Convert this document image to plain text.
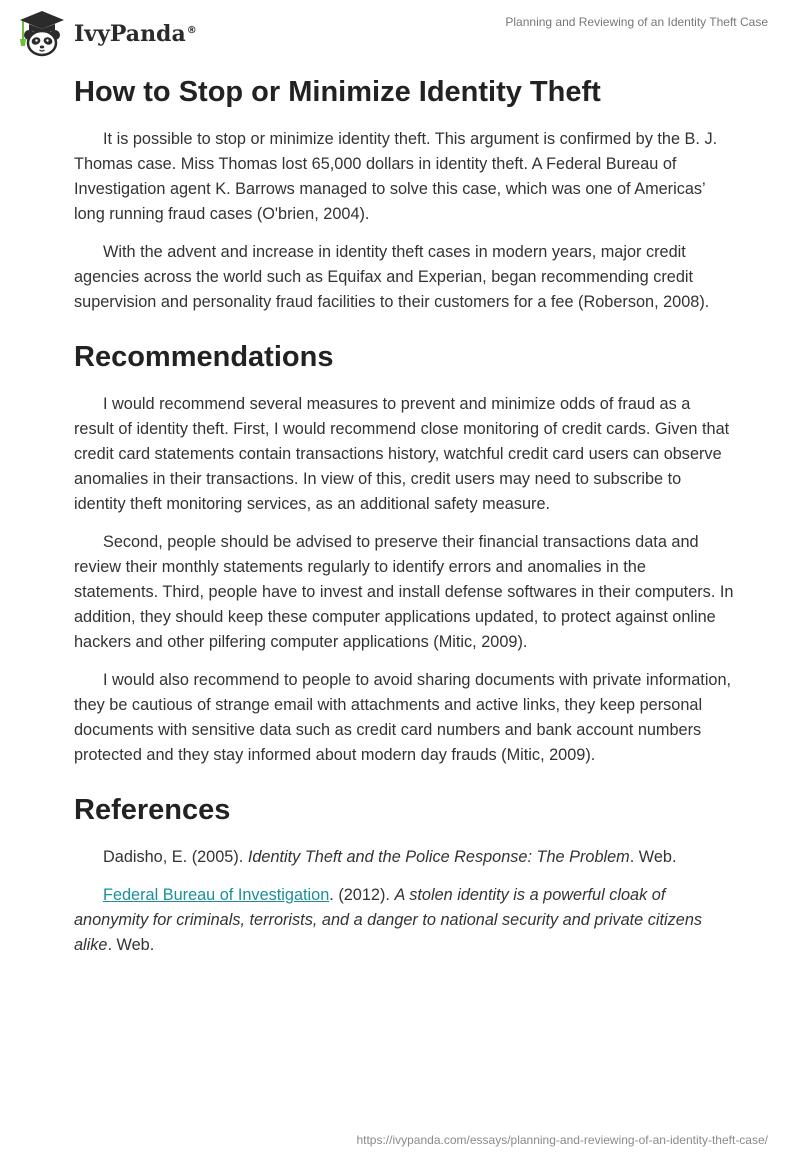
IvyPanda®
Planning and Reviewing of an Identity Theft Case
How to Stop or Minimize Identity Theft

It is possible to stop or minimize identity theft. This argument is confirmed by the B. J. Thomas case. Miss Thomas lost 65,000 dollars in identity theft. A Federal Bureau of Investigation agent K. Barrows managed to solve this case, which was one of Americas’ long running fraud cases (O'brien, 2004).

With the advent and increase in identity theft cases in modern years, major credit agencies across the world such as Equifax and Experian, began recommending credit supervision and personality fraud facilities to their customers for a fee (Roberson, 2008).

Recommendations

I would recommend several measures to prevent and minimize odds of fraud as a result of identity theft. First, I would recommend close monitoring of credit cards. Given that credit card statements contain transactions history, watchful credit card users can observe anomalies in their transactions. In view of this, credit users may need to subscribe to identity theft monitoring services, as an additional safety measure.

Second, people should be advised to preserve their financial transactions data and review their monthly statements regularly to identify errors and anomalies in the statements. Third, people have to invest and install defense softwares in their computers. In addition, they should keep these computer applications updated, to protect against online hackers and other pilfering computer applications (Mitic, 2009).

I would also recommend to people to avoid sharing documents with private information, they be cautious of strange email with attachments and active links, they keep personal documents with sensitive data such as credit card numbers and bank account numbers protected and they stay informed about modern day frauds (Mitic, 2009).

References

Dadisho, E. (2005). Identity Theft and the Police Response: The Problem. Web.

Federal Bureau of Investigation. (2012). A stolen identity is a powerful cloak of anonymity for criminals, terrorists, and a danger to national security and private citizens alike. Web.

https://ivypanda.com/essays/planning-and-reviewing-of-an-identity-theft-case/
